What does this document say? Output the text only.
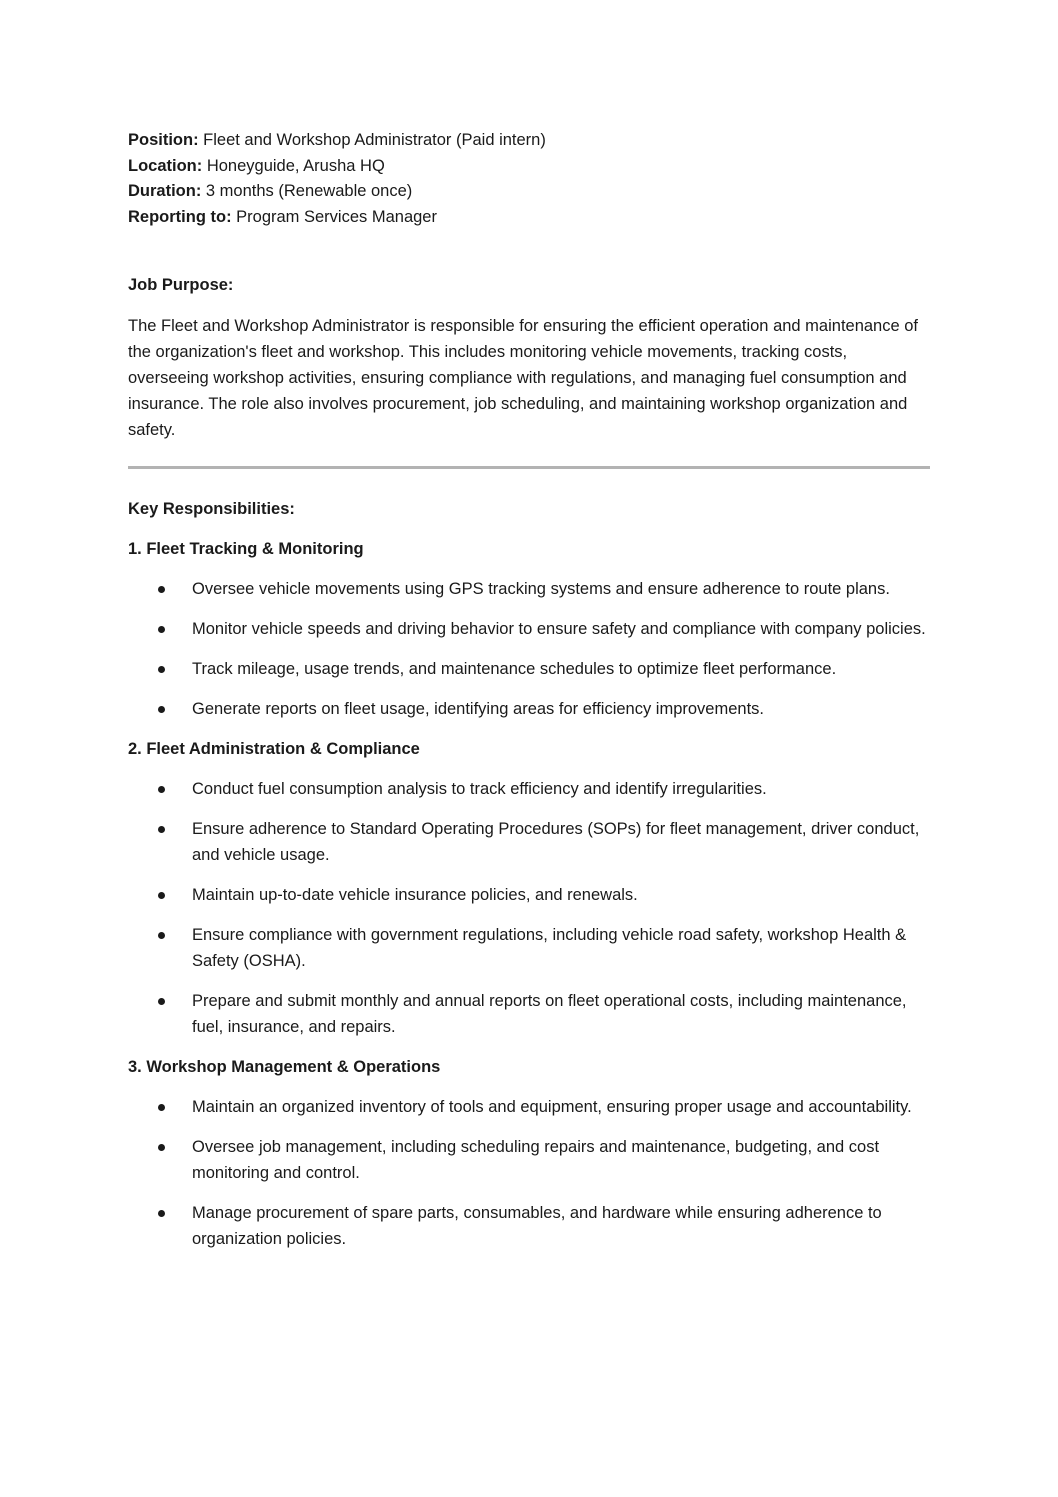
Position: Fleet and Workshop Administrator (Paid intern)
Location: Honeyguide, Arusha HQ
Duration: 3 months (Renewable once)
Reporting to: Program Services Manager
Job Purpose:
The Fleet and Workshop Administrator is responsible for ensuring the efficient operation and maintenance of the organization's fleet and workshop. This includes monitoring vehicle movements, tracking costs, overseeing workshop activities, ensuring compliance with regulations, and managing fuel consumption and insurance. The role also involves procurement, job scheduling, and maintaining workshop organization and safety.
Key Responsibilities:
1. Fleet Tracking & Monitoring
Oversee vehicle movements using GPS tracking systems and ensure adherence to route plans.
Monitor vehicle speeds and driving behavior to ensure safety and compliance with company policies.
Track mileage, usage trends, and maintenance schedules to optimize fleet performance.
Generate reports on fleet usage, identifying areas for efficiency improvements.
2. Fleet Administration & Compliance
Conduct fuel consumption analysis to track efficiency and identify irregularities.
Ensure adherence to Standard Operating Procedures (SOPs) for fleet management, driver conduct, and vehicle usage.
Maintain up-to-date vehicle insurance policies, and renewals.
Ensure compliance with government regulations, including vehicle road safety, workshop Health & Safety (OSHA).
Prepare and submit monthly and annual reports on fleet operational costs, including maintenance, fuel, insurance, and repairs.
3. Workshop Management & Operations
Maintain an organized inventory of tools and equipment, ensuring proper usage and accountability.
Oversee job management, including scheduling repairs and maintenance, budgeting, and cost monitoring and control.
Manage procurement of spare parts, consumables, and hardware while ensuring adherence to organization policies.
